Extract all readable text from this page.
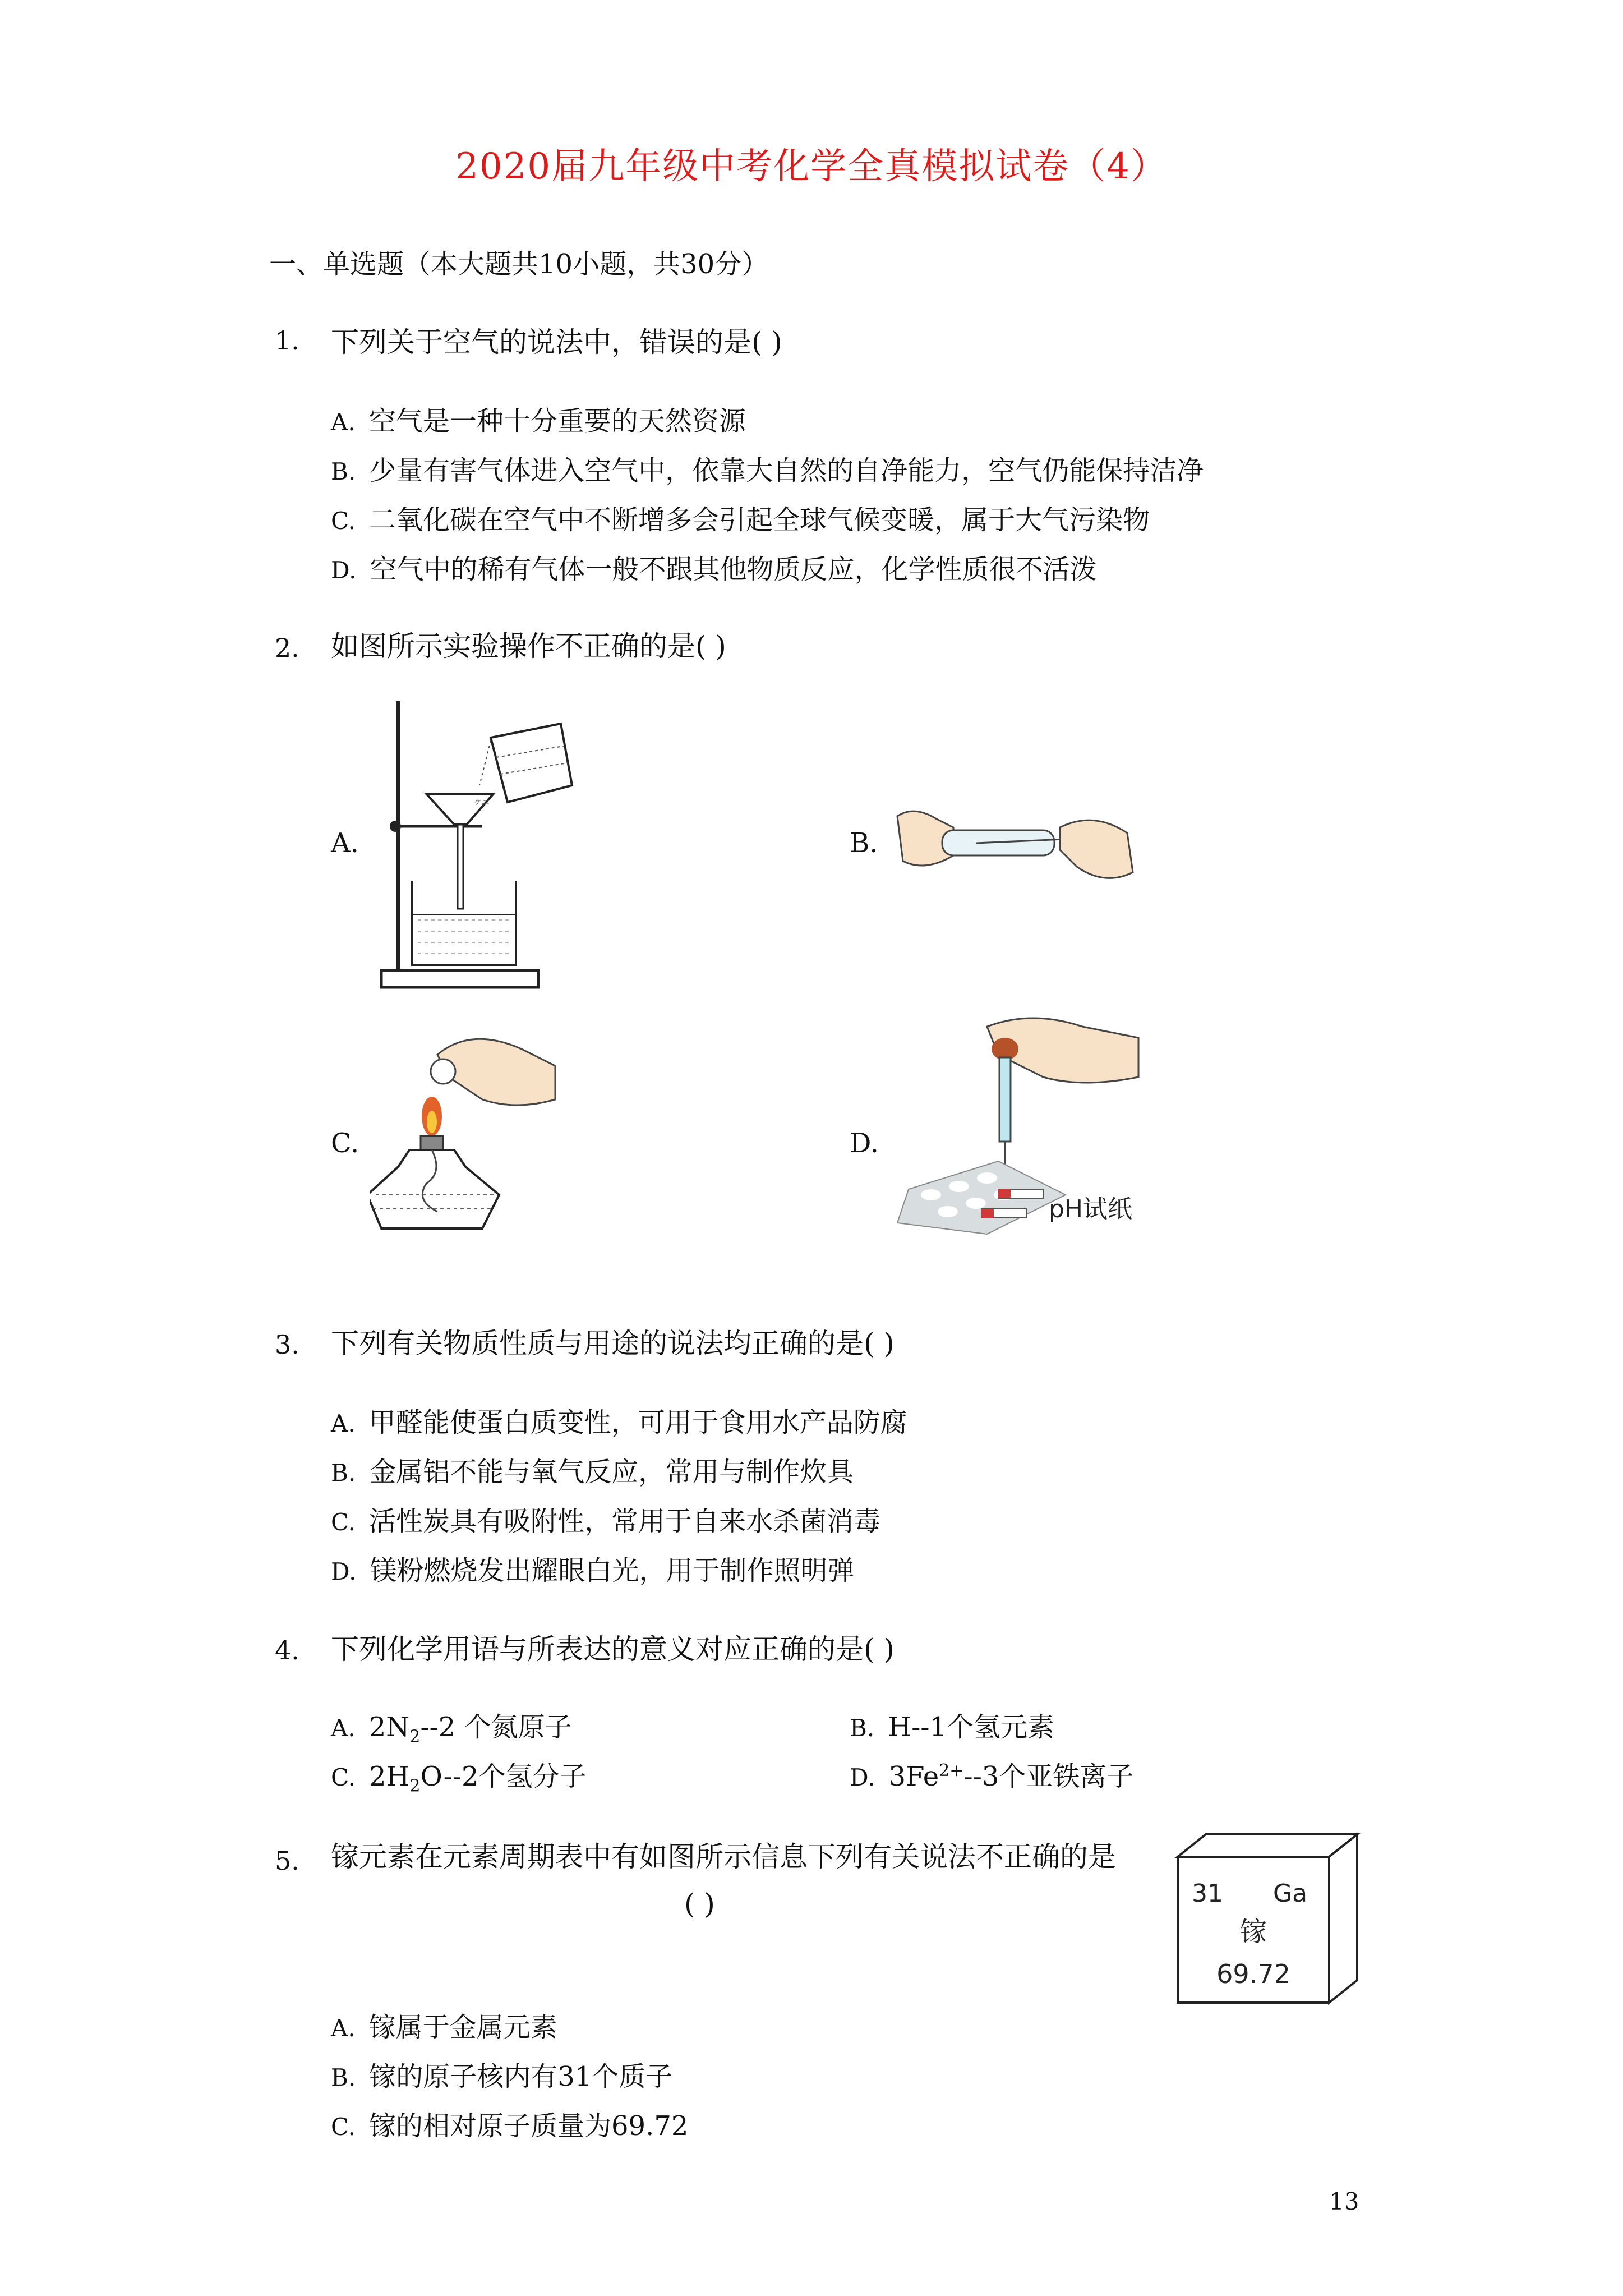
2020届九年级中考化学全真模拟试卷（4）
一、单选题（本大题共10小题，共30分）
1. 下列关于空气的说法中，错误的是( )
A. 空气是一种十分重要的天然资源
B. 少量有害气体进入空气中，依靠大自然的自净能力，空气仍能保持洁净
C. 二氧化碳在空气中不断增多会引起全球气候变暖，属于大气污染物
D. 空气中的稀有气体一般不跟其他物质反应，化学性质很不活泼
2. 如图所示实验操作不正确的是( )
A.	B.
C.	D.
ケニ
pH试纸
3. 下列有关物质性质与用途的说法均正确的是( )
A. 甲醛能使蛋白质变性，可用于食用水产品防腐
B. 金属铝不能与氧气反应，常用与制作炊具
C. 活性炭具有吸附性，常用于自来水杀菌消毒
D. 镁粉燃烧发出耀眼白光，用于制作照明弹
4. 下列化学用语与所表达的意义对应正确的是( )
A. $2N_2--2$ 个氮原子	B. H--1个氢元素
C. $2H_2O--2$个氢分子	D. $3Fe^{2+}--3$个亚铁离子
5. 镓元素在元素周期表中有如图所示信息下列有关说法不正确的是
( )	31 Ga
镓
69.72
A. 镓属于金属元素
B. 镓的原子核内有31个质子
C. 镓的相对原子质量为69.72
13
